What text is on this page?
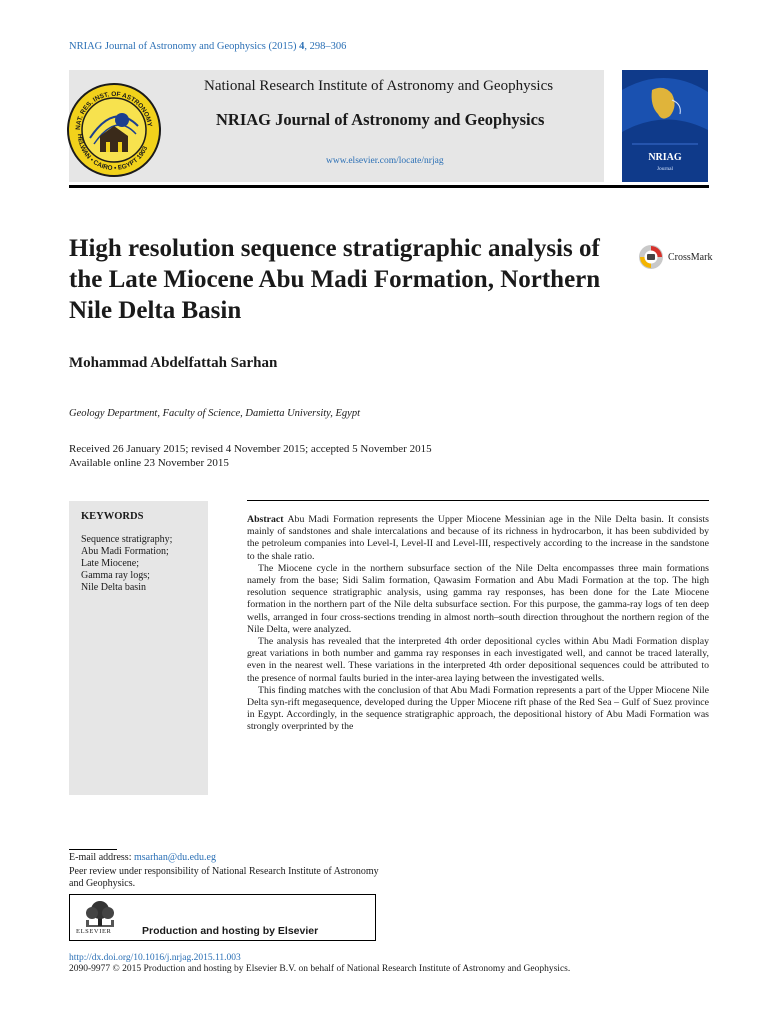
NRIAG Journal of Astronomy and Geophysics (2015) 4, 298–306
NAT. RES. INST. OF ASTRONOMY
HELWAN • CAIRO • EGYPT 1903
National Research Institute of Astronomy and Geophysics
NRIAG Journal of Astronomy and Geophysics
www.elsevier.com/locate/nrjag	NRIAG
Journal
High resolution sequence stratigraphic analysis of the Late Miocene Abu Madi Formation, Northern Nile Delta Basin
CrossMark
Mohammad Abdelfattah Sarhan
Geology Department, Faculty of Science, Damietta University, Egypt
Received 26 January 2015; revised 4 November 2015; accepted 5 November 2015
Available online 23 November 2015
KEYWORDS
Sequence stratigraphy;
Abu Madi Formation;
Late Miocene;
Gamma ray logs;
Nile Delta basin

Abstract Abu Madi Formation represents the Upper Miocene Messinian age in the Nile Delta basin. It consists mainly of sandstones and shale intercalations and because of its richness in hydrocarbon, it has been subdivided by the petroleum companies into Level-I, Level-II and Level-III, respectively according to the increase in the sandstone to the shale ratio.

The Miocene cycle in the northern subsurface section of the Nile Delta encompasses three main formations namely from the base; Sidi Salim formation, Qawasim Formation and Abu Madi Formation at the top. The high resolution sequence stratigraphic analysis, using gamma ray responses, has been done for the Late Miocene formation in the northern part of the Nile delta subsurface section. For this purpose, the gamma-ray logs of ten deep wells, arranged in four cross-sections trending in almost north–south direction throughout the northern region of the Nile Delta, were analyzed.

The analysis has revealed that the interpreted 4th order depositional cycles within Abu Madi Formation display great variations in both number and gamma ray responses in each investigated well, and cannot be traced laterally, even in the nearest well. These variations in the interpreted 4th order depositional sequences could be attributed to the presence of normal faults buried in the inter-area laying between the investigated wells.

This finding matches with the conclusion of that Abu Madi Formation represents a part of the Upper Miocene Nile Delta syn-rift megasequence, developed during the Upper Miocene rift phase of the Red Sea – Gulf of Suez province in Egypt. Accordingly, in the sequence stratigraphic approach, the depositional history of Abu Madi Formation was strongly overprinted by the

E-mail address: msarhan@du.edu.eg
Peer review under responsibility of National Research Institute of Astronomy and Geophysics.
ELSEVIER	Production and hosting by Elsevier
http://dx.doi.org/10.1016/j.nrjag.2015.11.003
2090-9977 © 2015 Production and hosting by Elsevier B.V. on behalf of National Research Institute of Astronomy and Geophysics.
